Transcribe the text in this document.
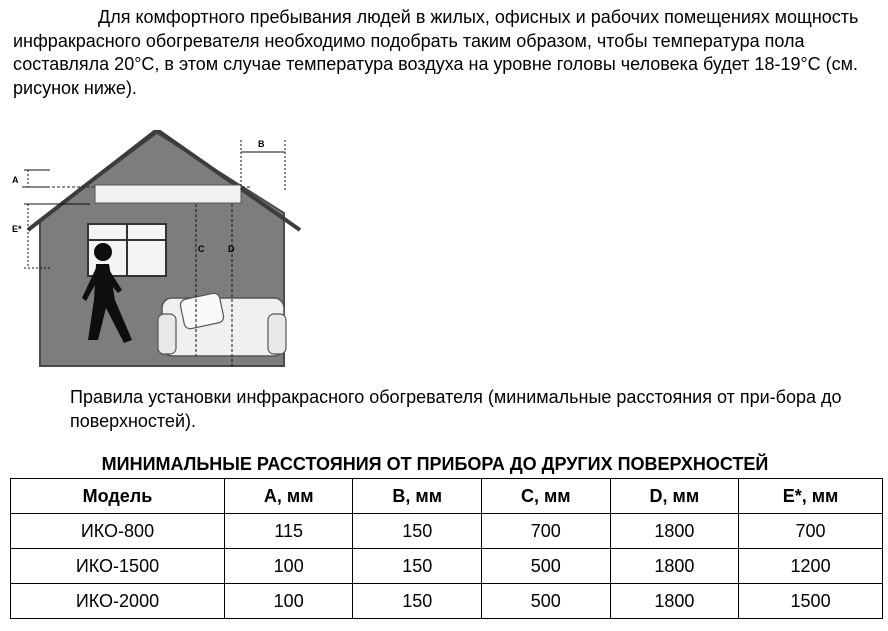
Для комфортного пребывания людей в жилых, офисных и рабочих помещениях мощность инфракрасного обогревателя необходимо подобрать таким образом, чтобы температура пола составляла 20°C, в этом случае температура воздуха на уровне головы человека будет 18-19°C (см. рисунок ниже).

A
B
C	D
E*

Правила установки инфракрасного обогревателя (минимальные расстояния от при-бора до поверхностей).

МИНИМАЛЬНЫЕ РАССТОЯНИЯ ОТ ПРИБОРА ДО ДРУГИХ ПОВЕРХНОСТЕЙ

Модель	A, мм	B, мм	C, мм	D, мм	E*, мм
ИКО-800	115	150	700	1800	700
ИКО-1500	100	150	500	1800	1200
ИКО-2000	100	150	500	1800	1500
